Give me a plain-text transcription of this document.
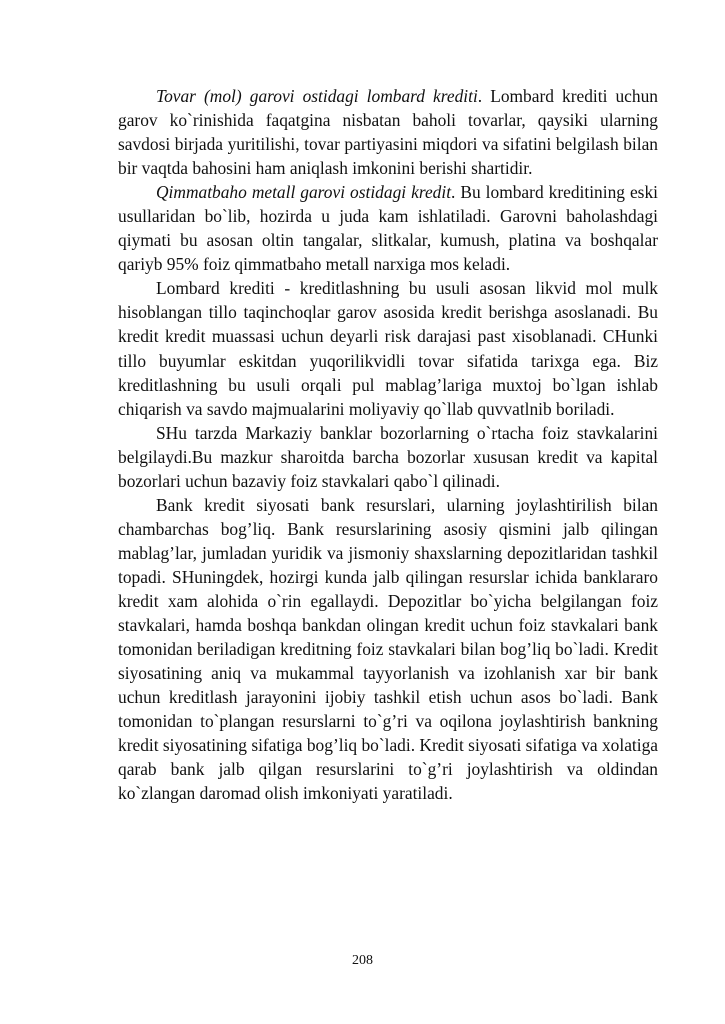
Tovar (mol) garovi ostidagi lombard krediti. Lombard krediti uchun garov ko`rinishida faqatgina nisbatan baholi tovarlar, qaysiki ularning savdosi birjada yuritilishi, tovar partiyasini miqdori va sifatini belgilash bilan bir vaqtda bahosini ham aniqlash imkonini berishi shartidir.

Qimmatbaho metall garovi ostidagi kredit. Bu lombard kreditining eski usullaridan bo`lib, hozirda u juda kam ishlatiladi. Garovni baholashdagi qiymati bu asosan oltin tangalar, slitkalar, kumush, platina va boshqalar qariyb 95% foiz qimmatbaho metall narxiga mos keladi.

Lombard krediti - kreditlashning bu usuli asosan likvid mol mulk hisoblangan tillo taqinchoqlar garov asosida kredit berishga asoslanadi. Bu kredit kredit muassasi uchun deyarli risk darajasi past xisoblanadi. CHunki tillo buyumlar eskitdan yuqorilikvidli tovar sifatida tarixga ega. Biz kreditlashning bu usuli orqali pul mablag’lariga muxtoj bo`lgan ishlab chiqarish va savdo majmualarini moliyaviy qo`llab quvvatlnib boriladi.

SHu tarzda Markaziy banklar bozorlarning o`rtacha foiz stavkalarini belgilaydi.Bu mazkur sharoitda barcha bozorlar xususan kredit va kapital bozorlari uchun bazaviy foiz stavkalari qabo`l qilinadi.

Bank kredit siyosati bank resurslari, ularning joylashtirilish bilan chambarchas bog’liq. Bank resurslarining asosiy qismini jalb qilingan mablag’lar, jumladan yuridik va jismoniy shaxslarning depozitlaridan tashkil topadi. SHuningdek, hozirgi kunda jalb qilingan resurslar ichida banklararo kredit xam alohida o`rin egallaydi. Depozitlar bo`yicha belgilangan foiz stavkalari, hamda boshqa bankdan olingan kredit uchun foiz stavkalari bank tomonidan beriladigan kreditning foiz stavkalari bilan bog’liq bo`ladi. Kredit siyosatining aniq va mukammal tayyorlanish va izohlanish xar bir bank uchun kreditlash jarayonini ijobiy tashkil etish uchun asos bo`ladi. Bank tomonidan to`plangan resurslarni to`g’ri va oqilona joylashtirish bankning kredit siyosatining sifatiga bog’liq bo`ladi. Kredit siyosati sifatiga va xolatiga qarab bank jalb qilgan resurslarini to`g’ri joylashtirish va oldindan ko`zlangan daromad olish imkoniyati yaratiladi.

208
